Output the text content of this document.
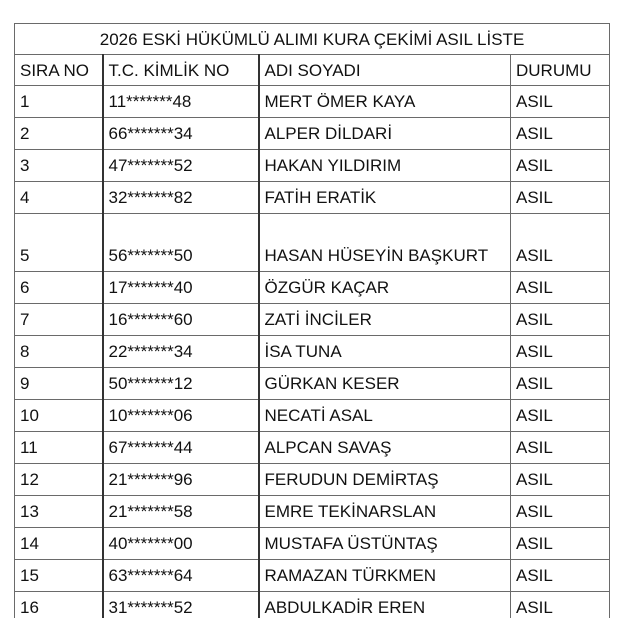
2026 ESKİ HÜKÜMLÜ ALIMI KURA ÇEKİMİ ASIL LİSTE			
SIRA NO	T.C. KİMLİK NO	ADI SOYADI	DURUMU
1	11*******48	MERT ÖMER KAYA	ASIL
2	66*******34	ALPER DİLDARİ	ASIL
3	47*******52	HAKAN YILDIRIM	ASIL
4	32*******82	FATİH ERATİK	ASIL
5	56*******50	HASAN HÜSEYİN BAŞKURT	ASIL
6	17*******40	ÖZGÜR KAÇAR	ASIL
7	16*******60	ZATİ İNCİLER	ASIL
8	22*******34	İSA TUNA	ASIL
9	50*******12	GÜRKAN KESER	ASIL
10	10*******06	NECATİ ASAL	ASIL
11	67*******44	ALPCAN SAVAŞ	ASIL
12	21*******96	FERUDUN DEMİRTAŞ	ASIL
13	21*******58	EMRE TEKİNARSLAN	ASIL
14	40*******00	MUSTAFA ÜSTÜNTAŞ	ASIL
15	63*******64	RAMAZAN TÜRKMEN	ASIL
16	31*******52	ABDULKADİR EREN	ASIL
